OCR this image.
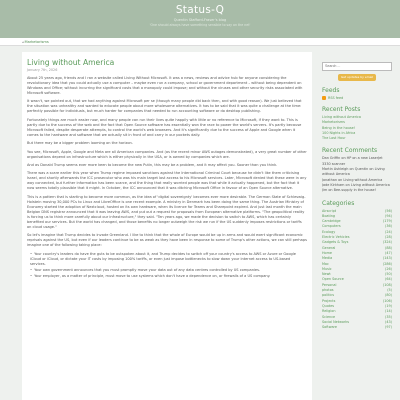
Status-Q
Quentin Stafford-Fraser's blog
'One should always have something sensible to say on the net'
◂ Marketorisms
Living without America
January 7th, 2026

About 25 years ago, friends and I ran a website called Living Without Microsoft. It was a news, reviews and advice hub for anyone considering the revolutionary idea that you could actually use a computer – maybe even run a company, school or government department – without being dependent on Windows and Office; without incurring the significant costs that a monopoly could impose; and without the viruses and other security risks associated with Microsoft software.

It wasn't, we pointed out, that we had anything against Microsoft per se (though many people did back then, and with good reason). We just believed that the situation was unhealthy and wanted to educate people about more wholesome alternatives. It has to be said that it was quite a challenge at the time: perfectly possible for individuals, but much harder for companies that needed to run accounting software or do desktop publishing.

Fortunately things are much easier now, and many people can run their lives quite happily with little or no reference to Microsoft, if they want to. This is partly due to the success of the web and the fact that Open Source software has essentially won the race to power the world's servers. It's partly because Microsoft failed, despite desperate attempts, to control the world's web browsers. And it's significantly due to the success of Apple and Google when it comes to the hardware and software that we actually sit in front of and carry in our pockets daily.

But there may be a bigger problem looming on the horizon.

You see, Microsoft, Apple, Google and Meta are all American companies. And (as the recent minor AWS outages demonstrated), a very great number of other organisations depend on infrastructure which is either physically in the USA, or is owned by companies which are.

And as Donald Trump seems ever more keen to become the new Putin, this may be a problem, and it may affect you. Sooner than you think.

There was a scare earlier this year when Trump regime imposed sanctions against the International Criminal Court because he didn't like them criticising Israel, and shortly afterwards the ICC prosecutor who was his main target lost access to his Microsoft services. Later, Microsoft denied that these were in any way connected, but further information has been scarce, and the thing that really worried people was that while it actually happened, but the fact that it now seems totally plausible that it might. In October, the ICC announced that it was ditching Microsoft Office in favour of an Open Source alternative.

This is a pattern that is starting to become more common, as the idea of 'digital sovereignty' becomes ever more desirable. The German State of Schleswig-Holstein moving 30,000 PCs to Linux and LibreOffice is one recent example. A ministry in Denmark has been doing the same thing. The Austrian Ministry of Economy started the adoption of Nextcloud, hosted on its own hardware, when its licence for Teams and Sharepoint expired. And just last month the main Belgian DNS registrar announced that it was leaving AWS, and put out a request for proposals from European alternative platforms. "The geopolitical reality is forcing us to think more carefully about our infrastructure," they said. "Ten years ago, we made the decision to switch to AWS, which has certainly benefited our services. But the world has changed, and those benefits no longer outweigh the risk we run if the US suddenly imposes restrictions or tariffs on cloud usage."

So let's imagine that Trump decides to invade Greenland. I like to think that the whole of Europe would be up in arms and would exert significant economic reprisals against the US, but even if our leaders continue to be as weak as they have been in response to some of Trump's other actions, we can still perhaps imagine one of the following taking place:

• Your country's leaders do have the guts to be outspoken about it, and Trump decides to switch off your country's access to AWS or Azure or Google iCloud or iCloud, or dictate your IT costs by imposing 100% tariffs, or even just impose bottlenecks to slow down your internet access to US-based services.
• Your own government announces that you must promptly move your data out of any data centres controlled by US companies.
• Your employer, as a matter of principle, must move to use systems which don't have a dependence on, or firewalls of a US company.
Search ...
Get updates by email
Feeds
RSS feed
Recent Posts
Living without America
Marketorisms
Being in the house!
100 Nights in Africa
The Lost Hour
Recent Comments
Dan Griffin on HP on a new LaserJet 3330 scanner
Martin Ashleigh on Quentin on Living without America
Jonathan on Living without America
Jade Kirkham on Living without America
Jim on Bee-supply in the house!
Categories
Airscript	(56)
Boating	(94)
Cambridge	(179)
Computers	(36)
Ecology	(24)
Electric Vehicles	(28)
Gadgets & Toys	(324)
General	(88)
Home	(47)
Media	(143)
Mac	(286)
Music	(26)
Newt	(50)
Open Source	(64)
Personal	(108)
photos	(5)
politics	(80)
Projects	(106)
Quotes	(19)
Religion	(14)
Science	(35)
Social Networks	(43)
Software	(97)
